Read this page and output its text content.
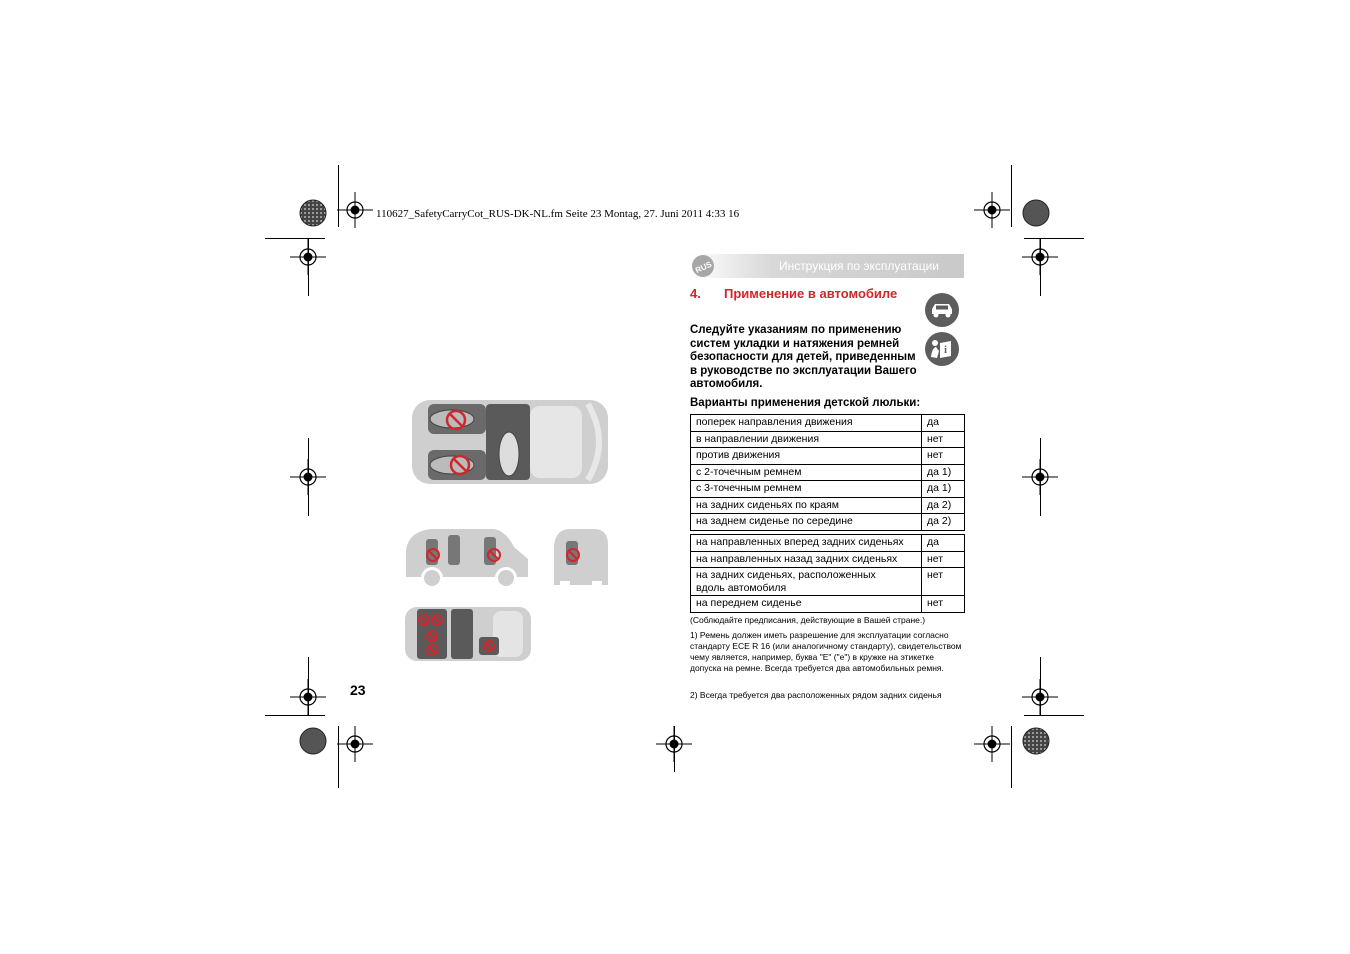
110627_SafetyCarryCot_RUS-DK-NL.fm Seite 23 Montag, 27. Juni 2011 4:33 16
23
Инструкция по эксплуатации
RUS
4. Применение в автомобиле
i
Следуйте указаниям по применению систем укладки и натяжения ремней безопасности для детей, приведенным в руководстве по эксплуатации Вашего автомобиля.
Варианты применения детской люльки:
поперек направления движения	да
в направлении движения	нет
против движения	нет
с 2-точечным ремнем	да 1)
с 3-точечным ремнем	да 1)
на задних сиденьях по краям	да 2)
на заднем сиденье по середине	да 2)
на направленных вперед задних сиденьях	да
на направленных назад задних сиденьях	нет
на задних сиденьях, расположенных вдоль автомобиля	нет
на переднем сиденье	нет
(Соблюдайте предписания, действующие в Вашей стране.)
1) Ремень должен иметь разрешение для эксплуатации согласно стандарту ECE R 16 (или аналогичному стандарту), свидетельством чему является, например, буква "E" ("e") в кружке на этикетке допуска на ремне. Всегда требуется два автомобильных ремня.
2) Всегда требуется два расположенных рядом задних сиденья
